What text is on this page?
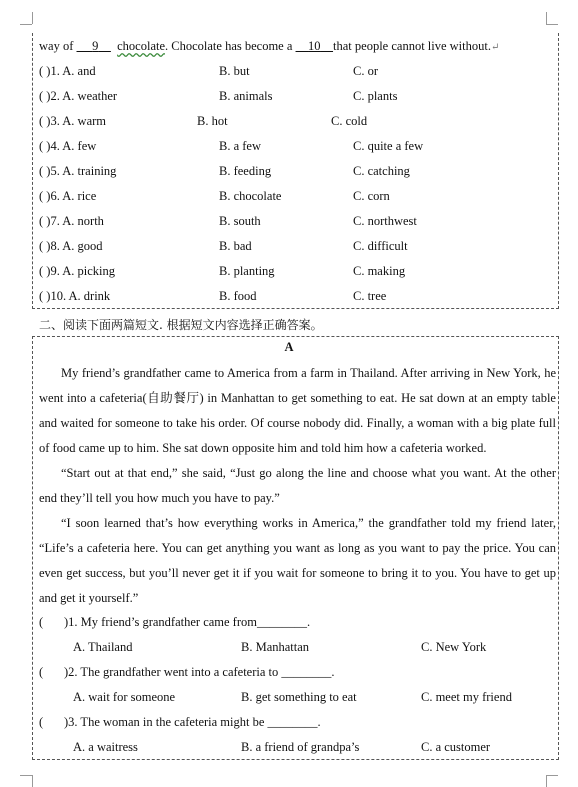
way of      9 chocolate. Chocolate has become a     10 that people cannot live without.↵
( )1. A. and	B. but	C. or
( )2. A. weather	B. animals	C. plants
( )3. A. warm	B. hot	C. cold
( )4. A. few	B. a few	C. quite a few
( )5. A. training	B. feeding	C. catching
( )6. A. rice	B. chocolate	C. corn
( )7. A. north	B. south	C. northwest
( )8. A. good	B. bad	C. difficult
( )9. A. picking	B. planting	C. making
( )10. A. drink	B. food	C. tree
二、阅读下面两篇短文. 根据短文内容选择正确答案。
A
My friend’s grandfather came to America from a farm in Thailand. After arriving in New York, he went into a cafeteria(自助餐厅) in Manhattan to get something to eat. He sat down at an empty table and waited for someone to take his order. Of course nobody did. Finally, a woman with a big plate full of food came up to him. She sat down opposite him and told him how a cafeteria worked.
“Start out at that end,” she said, “Just go along the line and choose what you want. At the other end they’ll tell you how much you have to pay.”
“I soon learned that’s how everything works in America,” the grandfather told my friend later, “Life’s a cafeteria here. You can get anything you want as long as you want to pay the price. You can even get success, but you’ll never get it if you wait for someone to bring it to you. You have to get up and get it yourself.”
( )1. My friend’s grandfather came from________.
A. Thailand	B. Manhattan	C. New York
( )2. The grandfather went into a cafeteria to ________.
A. wait for someone	B. get something to eat	C. meet my friend
( )3. The woman in the cafeteria might be ________.
A. a waitress	B. a friend of grandpa’s	C. a customer
